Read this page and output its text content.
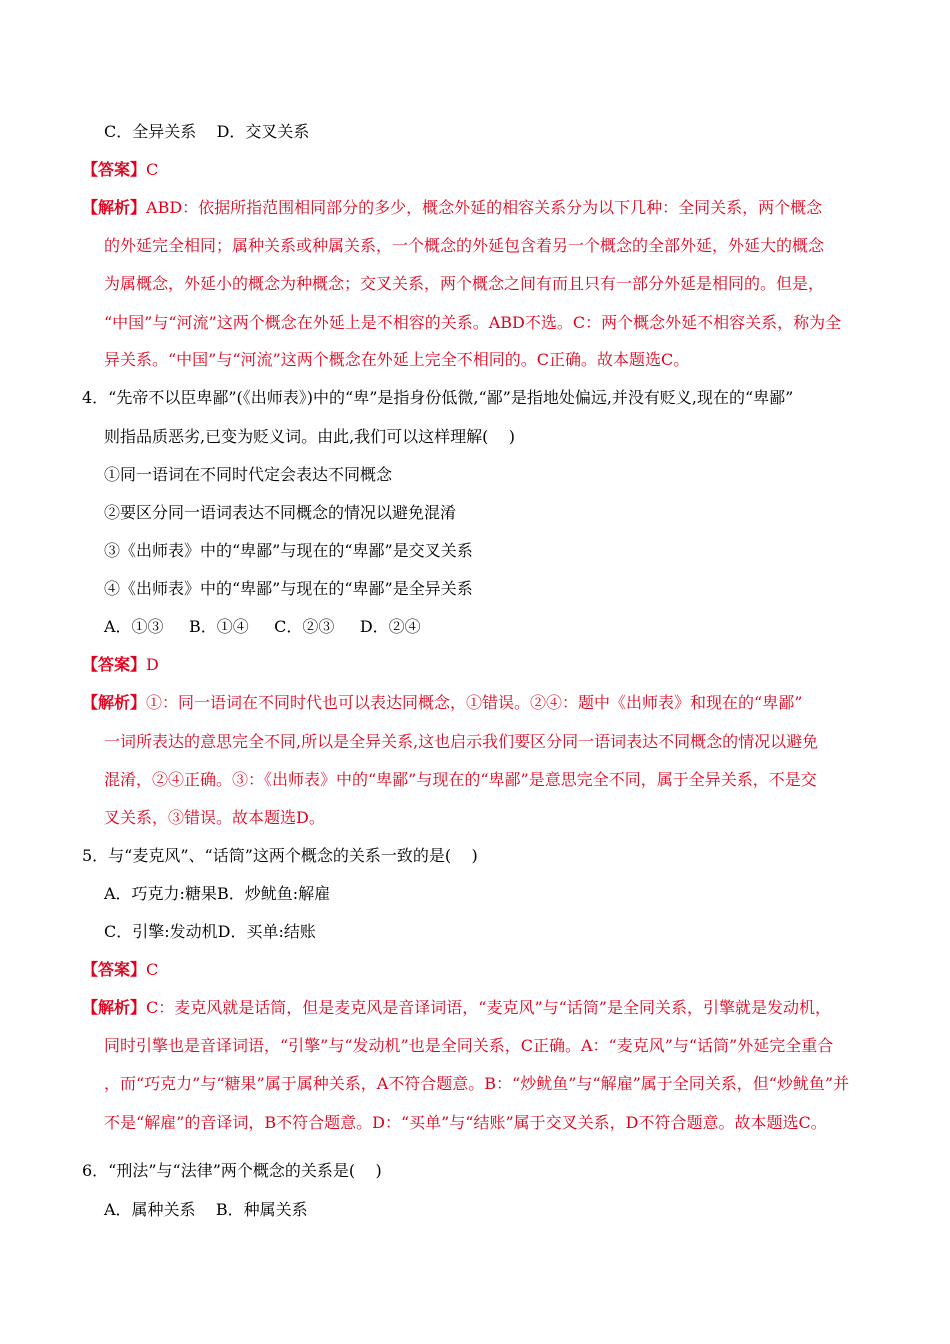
C．全异关系    D．交叉关系
【答案】C
【解析】ABD：依据所指范围相同部分的多少，概念外延的相容关系分为以下几种：全同关系，两个概念
的外延完全相同；属种关系或种属关系，一个概念的外延包含着另一个概念的全部外延，外延大的概念
为属概念，外延小的概念为种概念；交叉关系，两个概念之间有而且只有一部分外延是相同的。但是，
“中国”与“河流”这两个概念在外延上是不相容的关系。ABD不选。C：两个概念外延不相容关系，称为全
异关系。“中国”与“河流”这两个概念在外延上完全不相同的。C正确。故本题选C。
4．“先帝不以臣卑鄙”(《出师表》)中的“卑”是指身份低微,“鄙”是指地处偏远,并没有贬义,现在的“卑鄙”
则指品质恶劣,已变为贬义词。由此,我们可以这样理解(    )
①同一语词在不同时代定会表达不同概念
②要区分同一语词表达不同概念的情况以避免混淆
③《出师表》中的“卑鄙”与现在的“卑鄙”是交叉关系
④《出师表》中的“卑鄙”与现在的“卑鄙”是全异关系
A．①③     B．①④     C．②③     D．②④
【答案】D
【解析】①：同一语词在不同时代也可以表达同概念，①错误。②④：题中《出师表》和现在的“卑鄙”
一词所表达的意思完全不同,所以是全异关系,这也启示我们要区分同一语词表达不同概念的情况以避免
混淆，②④正确。③：《出师表》中的“卑鄙”与现在的“卑鄙”是意思完全不同，属于全异关系，不是交
叉关系，③错误。故本题选D。
5．与“麦克风”、“话筒”这两个概念的关系一致的是(    )
A．巧克力:糖果B．炒鱿鱼:解雇
C．引擎:发动机D．买单:结账
【答案】C
【解析】C：麦克风就是话筒，但是麦克风是音译词语，“麦克风”与“话筒”是全同关系，引擎就是发动机，
同时引擎也是音译词语，“引擎”与“发动机”也是全同关系，C正确。A：“麦克风”与“话筒”外延完全重合
，而“巧克力”与“糖果”属于属种关系，A不符合题意。B：“炒鱿鱼”与“解雇”属于全同关系，但“炒鱿鱼”并
不是“解雇”的音译词，B不符合题意。D：“买单”与“结账”属于交叉关系，D不符合题意。故本题选C。
6．“刑法”与“法律”两个概念的关系是(    )
A．属种关系    B．种属关系
